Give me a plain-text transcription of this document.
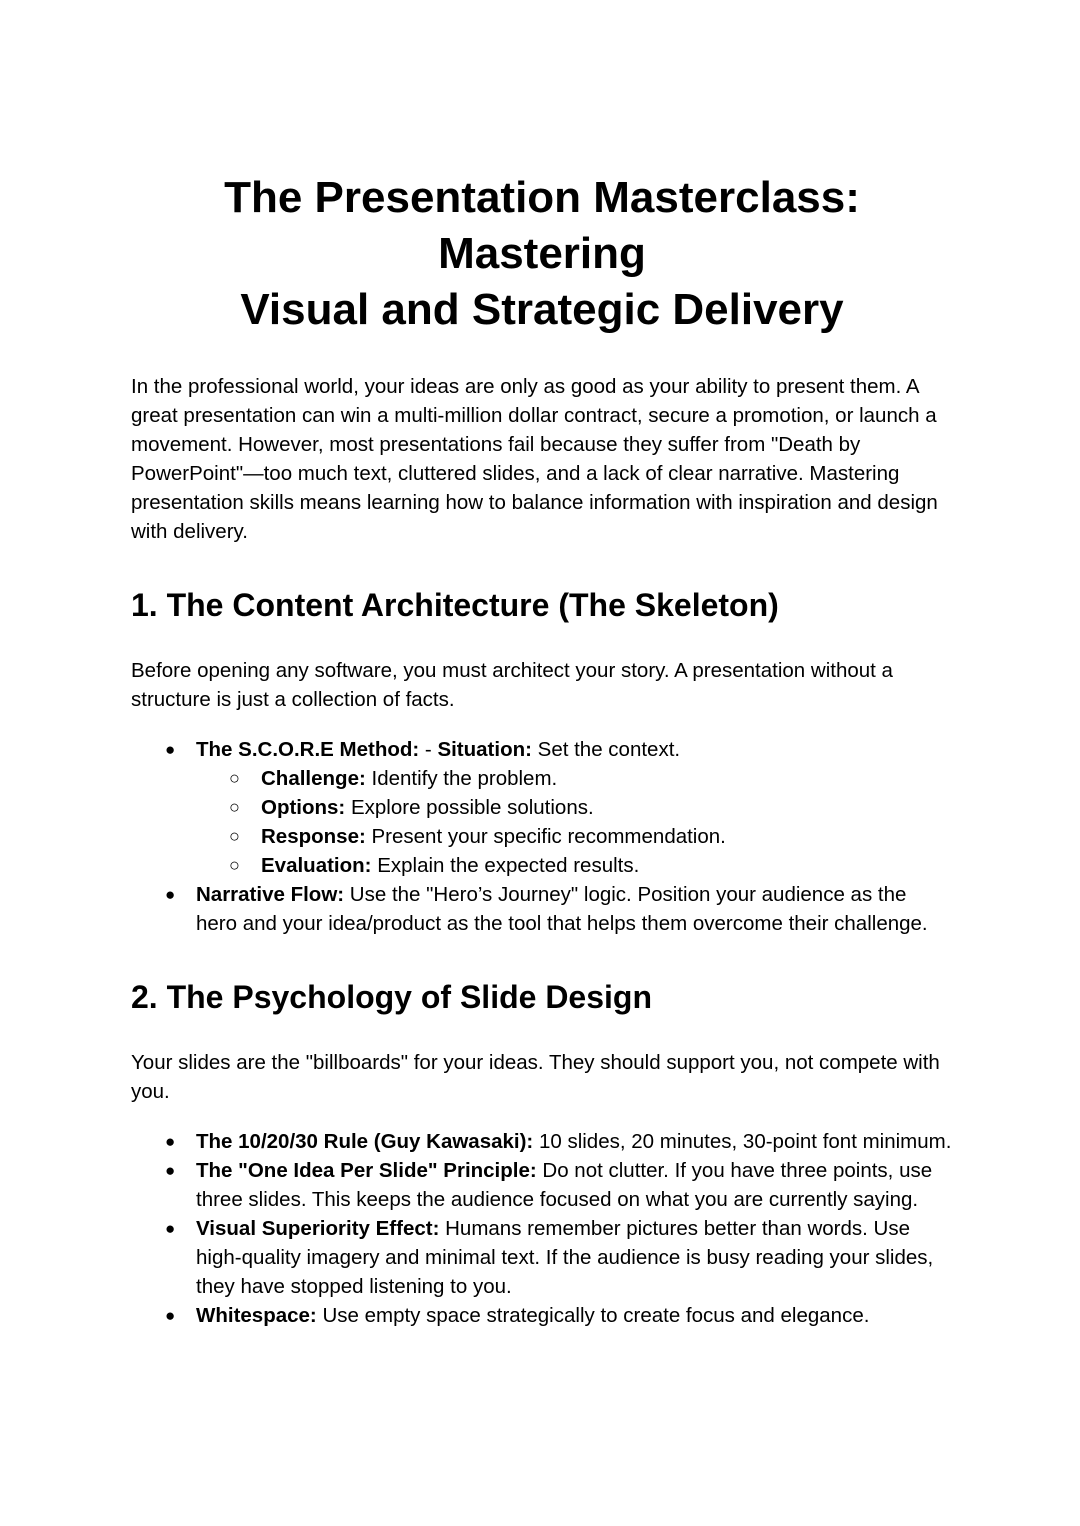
The Presentation Masterclass: Mastering
Visual and Strategic Delivery

In the professional world, your ideas are only as good as your ability to present them. A great presentation can win a multi-million dollar contract, secure a promotion, or launch a movement. However, most presentations fail because they suffer from "Death by PowerPoint"—too much text, cluttered slides, and a lack of clear narrative. Mastering presentation skills means learning how to balance information with inspiration and design with delivery.

1. The Content Architecture (The Skeleton)

Before opening any software, you must architect your story. A presentation without a structure is just a collection of facts.

● The S.C.O.R.E Method: - Situation: Set the context.
○ Challenge: Identify the problem.
○ Options: Explore possible solutions.
○ Response: Present your specific recommendation.
○ Evaluation: Explain the expected results.
● Narrative Flow: Use the "Hero’s Journey" logic. Position your audience as the hero and your idea/product as the tool that helps them overcome their challenge.
2. The Psychology of Slide Design

Your slides are the "billboards" for your ideas. They should support you, not compete with you.

● The 10/20/30 Rule (Guy Kawasaki): 10 slides, 20 minutes, 30-point font minimum.
● The "One Idea Per Slide" Principle: Do not clutter. If you have three points, use three slides. This keeps the audience focused on what you are currently saying.
● Visual Superiority Effect: Humans remember pictures better than words. Use high-quality imagery and minimal text. If the audience is busy reading your slides, they have stopped listening to you.
● Whitespace: Use empty space strategically to create focus and elegance.
